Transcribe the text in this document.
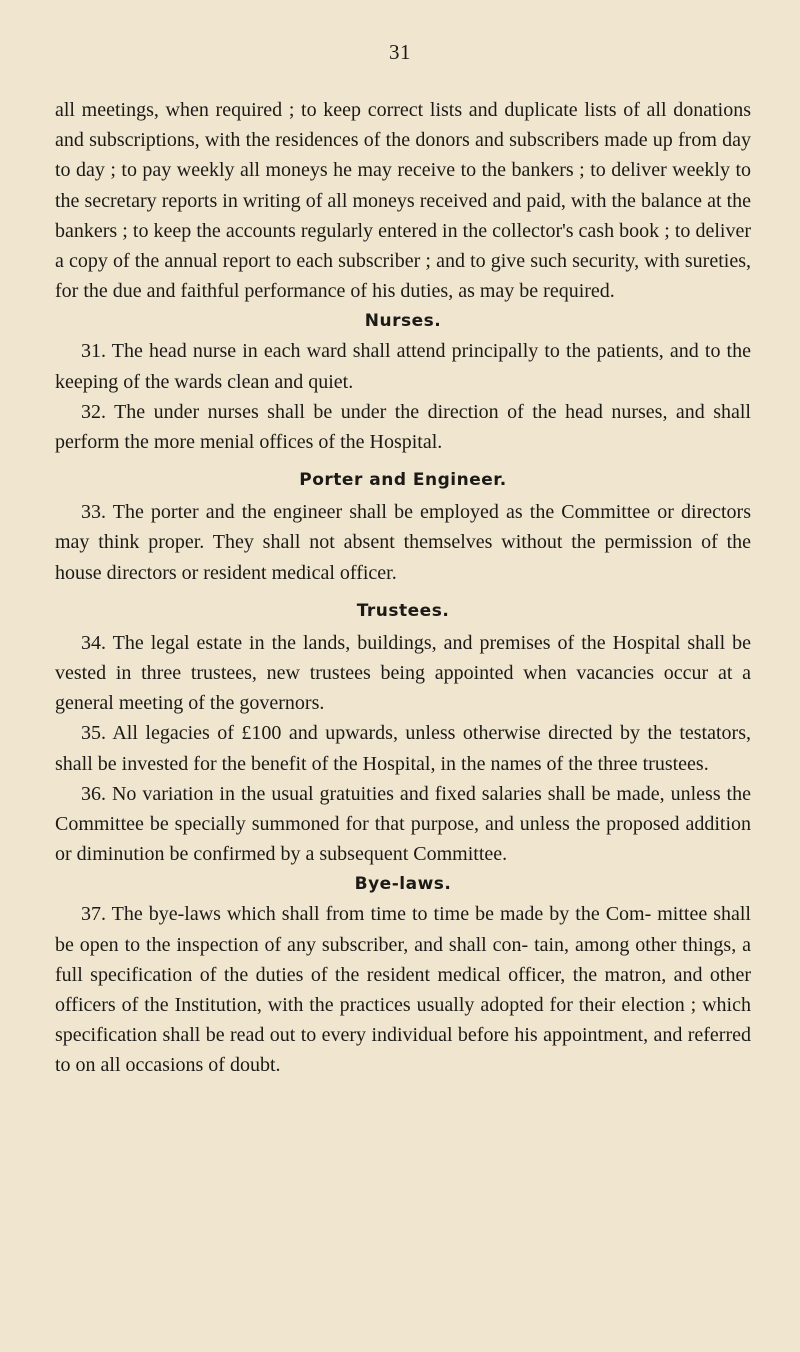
31

all meetings, when required ; to keep correct lists and duplicate lists of all donations and subscriptions, with the residences of the donors and subscribers made up from day to day ; to pay weekly all moneys he may receive to the bankers ; to deliver weekly to the secretary reports in writing of all moneys received and paid, with the balance at the bankers ; to keep the accounts regularly entered in the collector's cash book ; to deliver a copy of the annual report to each subscriber ; and to give such security, with sureties, for the due and faithful performance of his duties, as may be required.

Nurses.

31. The head nurse in each ward shall attend principally to the patients, and to the keeping of the wards clean and quiet.

32. The under nurses shall be under the direction of the head nurses, and shall perform the more menial offices of the Hospital.

Porter and Engineer.

33. The porter and the engineer shall be employed as the Committee or directors may think proper. They shall not absent themselves without the permission of the house directors or resident medical officer.

Trustees.

34. The legal estate in the lands, buildings, and premises of the Hospital shall be vested in three trustees, new trustees being appointed when vacancies occur at a general meeting of the governors.

35. All legacies of £100 and upwards, unless otherwise directed by the testators, shall be invested for the benefit of the Hospital, in the names of the three trustees.

36. No variation in the usual gratuities and fixed salaries shall be made, unless the Committee be specially summoned for that purpose, and unless the proposed addition or diminution be confirmed by a subsequent Committee.

Bye-laws.

37. The bye-laws which shall from time to time be made by the Com- mittee shall be open to the inspection of any subscriber, and shall con- tain, among other things, a full specification of the duties of the resident medical officer, the matron, and other officers of the Institution, with the practices usually adopted for their election ; which specification shall be read out to every individual before his appointment, and referred to on all occasions of doubt.
